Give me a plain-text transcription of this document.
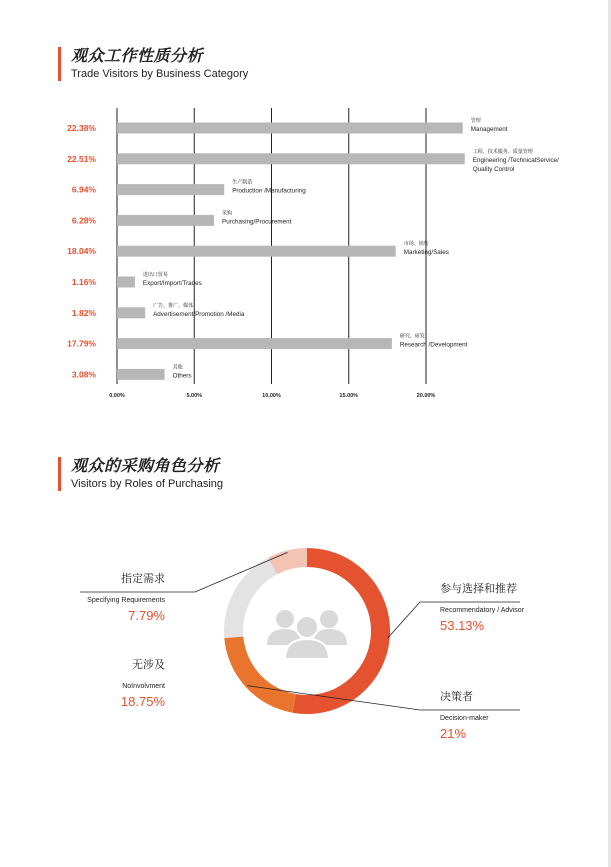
观众工作性质分析
Trade Visitors by Business Category
22.38%
管理
Management
22.51%
工程、技术服务、质量管理
Engineering /TechnicalService/
Quality Control
6.94%
生产制造
Production /Manufacturing
6.28%
采购
Purchasing/Procurement
18.04%
市场、销售
Marketing/Sales
1.16%
进出口贸易
Export/Import/Trades
1.82%
广告、推广、媒体
Advertisement/Promotion /Media
17.79%
研究、研发
Research /Development
3.08%
其他
Others
0.00%	5.00%	10.00%	15.00%	20.00%
观众的采购角色分析
Visitors by Roles of Purchasing
参与选择和推荐
Recommendatory / Advisor
53.13%
决策者
Decision-maker
21%
无涉及
NoInvolvment
18.75%
指定需求
Specifying Requirements
7.79%
